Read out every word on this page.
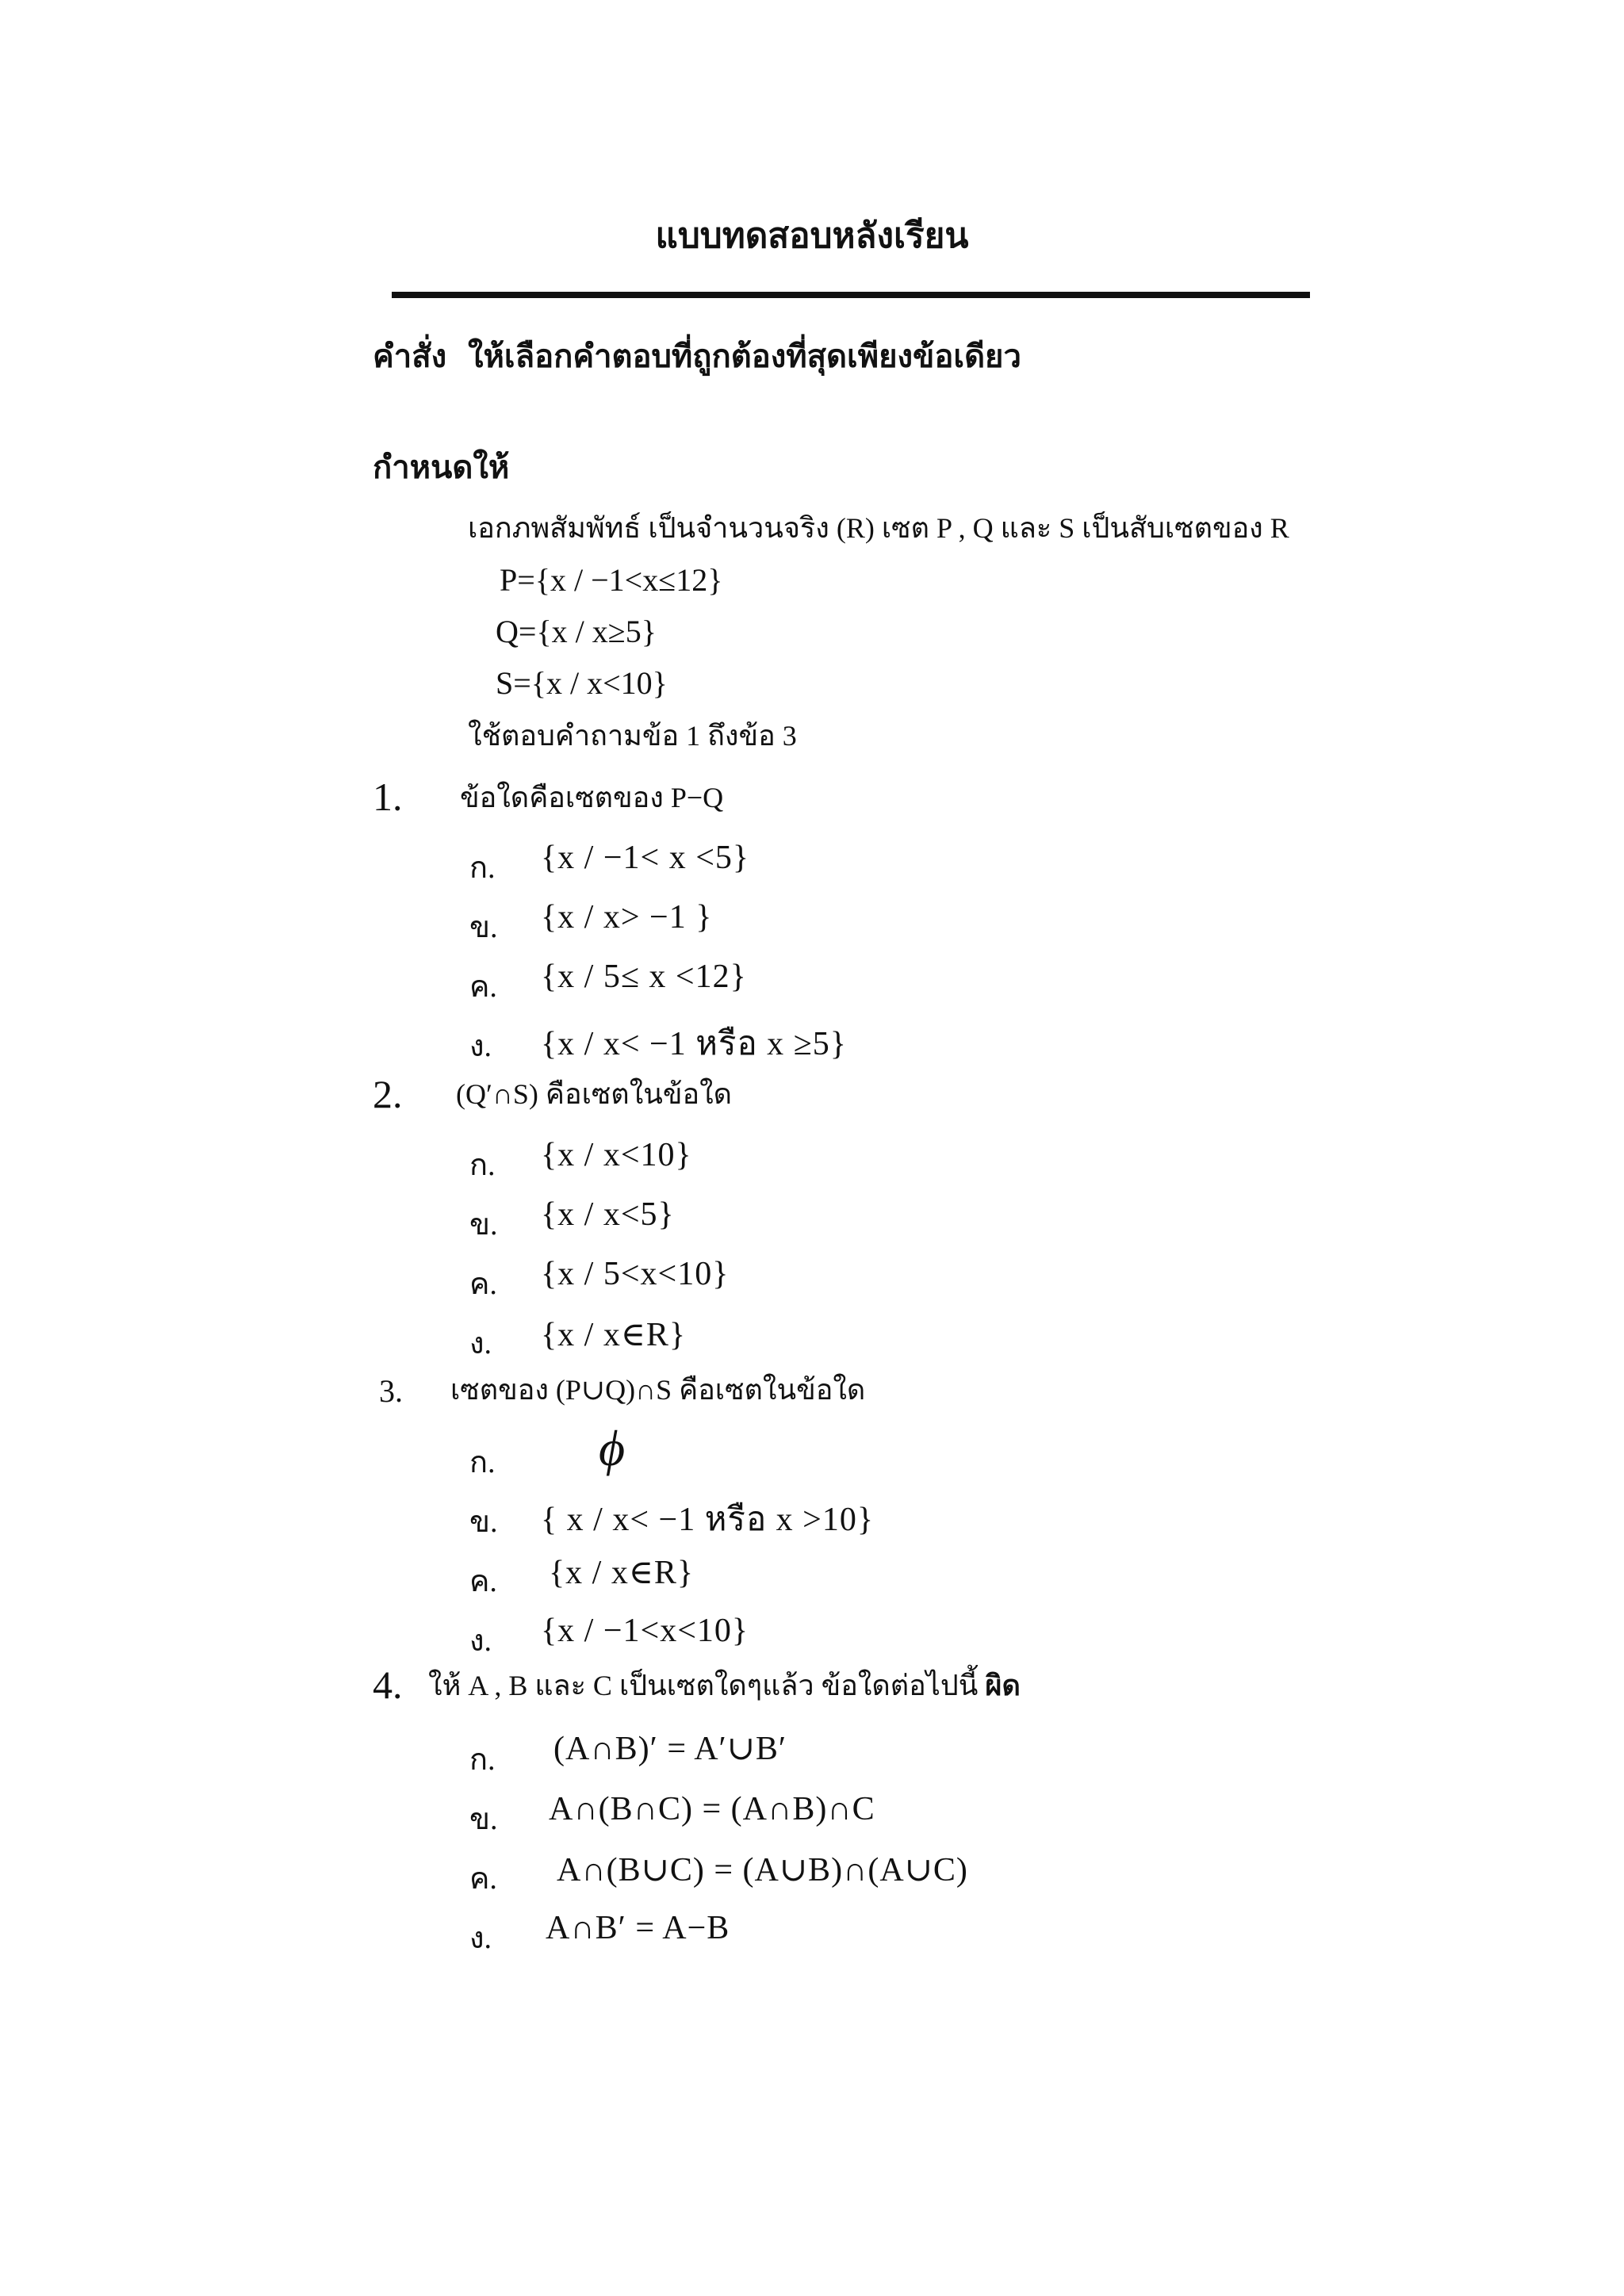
แบบทดสอบหลังเรียน
คำสั่ง ให้เลือกคำตอบที่ถูกต้องที่สุดเพียงข้อเดียว
กำหนดให้
เอกภพสัมพัทธ์ เป็นจำนวนจริง (R) เซต P , Q และ S เป็นสับเซตของ R
P={x / −1<x≤12}
Q={x / x≥5}
S={x / x<10}
ใช้ตอบคำถามข้อ 1 ถึงข้อ 3
1. ข้อใดคือเซตของ P−Q
ก. {x / −1< x <5}
ข. {x / x> −1 }
ค. {x / 5≤ x <12}
ง. {x / x< −1 หรือ x ≥5}
2. (Q′∩S) คือเซตในข้อใด
ก. {x / x<10}
ข. {x / x<5}
ค. {x / 5<x<10}
ง. {x / x∈R}
3. เซตของ (P∪Q)∩S คือเซตในข้อใด
ก. ϕ
ข. { x / x< −1 หรือ x >10}
ค. {x / x∈R}
ง. {x / −1<x<10}
4. ให้ A , B และ C เป็นเซตใดๆแล้ว ข้อใดต่อไปนี้ ผิด
ก. (A∩B)′ = A′∪B′
ข. A∩(B∩C) = (A∩B)∩C
ค. A∩(B∪C) = (A∪B)∩(A∪C)
ง. A∩B′ = A−B
